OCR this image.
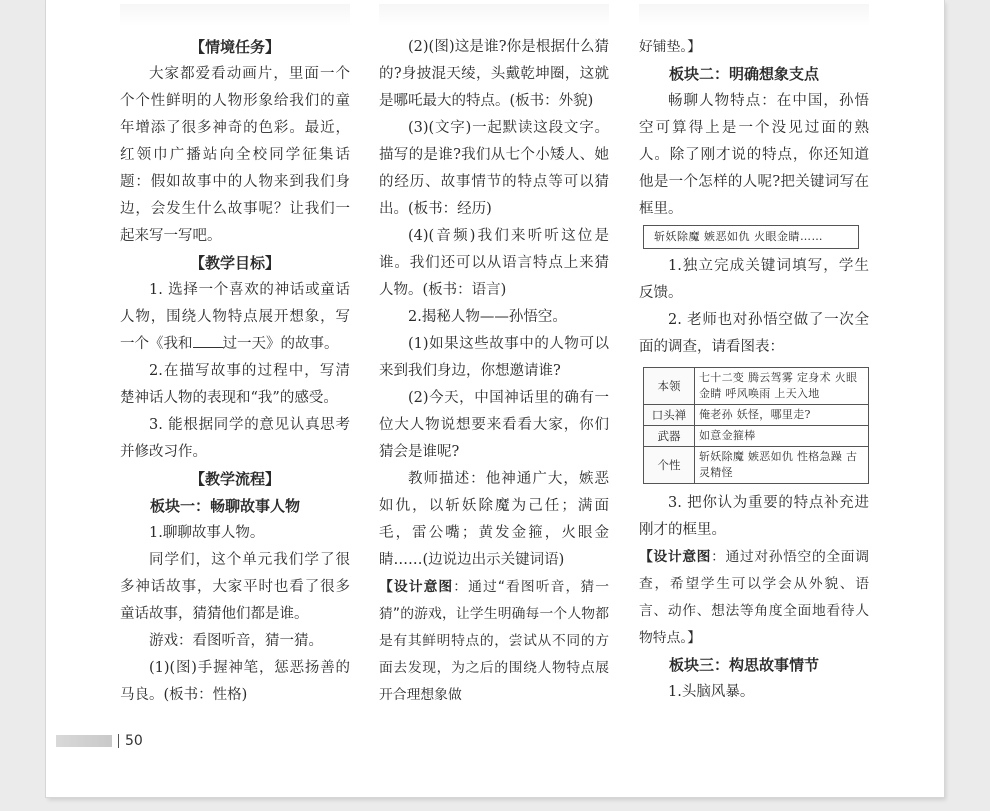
【情境任务】

大家都爱看动画片，里面一个个个性鲜明的人物形象给我们的童年增添了很多神奇的色彩。最近，红领巾广播站向全校同学征集话题：假如故事中的人物来到我们身边，会发生什么故事呢？让我们一起来写一写吧。

【教学目标】

1. 选择一个喜欢的神话或童话人物，围绕人物特点展开想象，写一个《我和 过一天》的故事。

2.在描写故事的过程中，写清楚神话人物的表现和“我”的感受。

3. 能根据同学的意见认真思考并修改习作。

【教学流程】

板块一：畅聊故事人物

1.聊聊故事人物。

同学们，这个单元我们学了很多神话故事，大家平时也看了很多童话故事，猜猜他们都是谁。

游戏：看图听音，猜一猜。

(1)(图)手握神笔，惩恶扬善的马良。(板书：性格)

(2)(图)这是谁?你是根据什么猜的?身披混天绫，头戴乾坤圈，这就是哪吒最大的特点。(板书：外貌)

(3)(文字)一起默读这段文字。描写的是谁?我们从七个小矮人、她的经历、故事情节的特点等可以猜出。(板书：经历)

(4)(音频)我们来听听这位是谁。我们还可以从语言特点上来猜人物。(板书：语言)

2.揭秘人物——孙悟空。

(1)如果这些故事中的人物可以来到我们身边，你想邀请谁?

(2)今天，中国神话里的确有一位大人物说想要来看看大家，你们猜会是谁呢?

教师描述：他神通广大，嫉恶如仇，以斩妖除魔为己任；满面毛，雷公嘴；黄发金箍，火眼金睛……(边说边出示关键词语)

【设计意图：通过“看图听音，猜一猜”的游戏，让学生明确每一个人物都是有其鲜明特点的，尝试从不同的方面去发现，为之后的围绕人物特点展开合理想象做

好铺垫。】

板块二：明确想象支点

畅聊人物特点：在中国，孙悟空可算得上是一个没见过面的熟人。除了刚才说的特点，你还知道他是一个怎样的人呢?把关键词写在框里。

斩妖除魔 嫉恶如仇 火眼金睛……

1.独立完成关键词填写，学生反馈。

2. 老师也对孙悟空做了一次全面的调查，请看图表：

本领	七十二变 腾云驾雾 定身术 火眼金睛 呼风唤雨 上天入地
口头禅	俺老孙 妖怪，哪里走?
武器	如意金箍棒
个性	斩妖除魔 嫉恶如仇 性格急躁 古灵精怪

3. 把你认为重要的特点补充进刚才的框里。

【设计意图：通过对孙悟空的全面调查，希望学生可以学会从外貌、语言、动作、想法等角度全面地看待人物特点。】

板块三：构思故事情节

1.头脑风暴。

50
